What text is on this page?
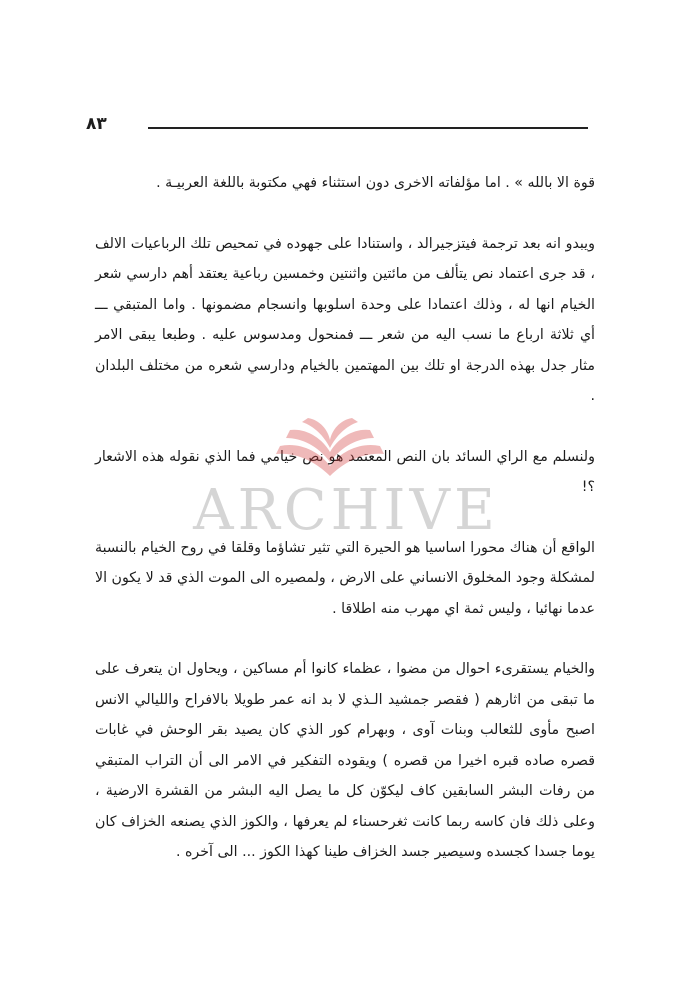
٨٣

قوة الا بالله » . اما مؤلفاته الاخرى دون استثناء فهي مكتوبة باللغة العربيـة .

ويبدو انه بعد ترجمة فيتزجيرالد ، واستنادا على جهوده في تمحيص تلك الرباعيات الالف ، قد جرى اعتماد نص يتألف من مائتين واثنتين وخمسين رباعية يعتقد أهم دارسي شعر الخيام انها له ، وذلك اعتمادا على وحدة اسلوبها وانسجام مضمونها . واما المتبقي ـــ أي ثلاثة ارباع ما نسب اليه من شعر ـــ فمنحول ومدسوس عليه . وطبعا يبقى الامر مثار جدل بهذه الدرجة او تلك بين المهتمين بالخيام ودارسي شعره من مختلف البلدان .

ولنسلم مع الراي السائد بان النص المعتمد هو نص خيامي فما الذي نقوله هذه الاشعار ؟!

الواقع أن هناك محورا اساسيا هو الحيرة التي تثير تشاؤما وقلقا في روح الخيام بالنسبة لمشكلة وجود المخلوق الانساني على الارض ، ولمصيره الى الموت الذي قد لا يكون الا عدما نهائيا ، وليس ثمة اي مهرب منه اطلاقا .

والخيام يستقرىء احوال من مضوا ، عظماء كانوا أم مساكين ، ويحاول ان يتعرف على ما تبقى من اثارهم ( فقصر جمشيد الـذي لا بد انه عمر طويلا بالافراح والليالي الانس اصبح مأوى للثعالب وبنات آوى ، وبهرام كور الذي كان يصيد بقر الوحش في غابات قصره صاده قبره اخيرا من قصره ) ويقوده التفكير في الامر الى أن التراب المتبقي من رفات البشر السابقين كاف ليكوّن كل ما يصل اليه البشر من القشرة الارضية ، وعلى ذلك فان كاسه ربما كانت ثغرحسناء لم يعرفها ، والكوز الذي يصنعه الخزاف كان يوما جسدا كجسده وسيصير جسد الخزاف طينا كهذا الكوز ... الى آخره .

ARCHIVE
